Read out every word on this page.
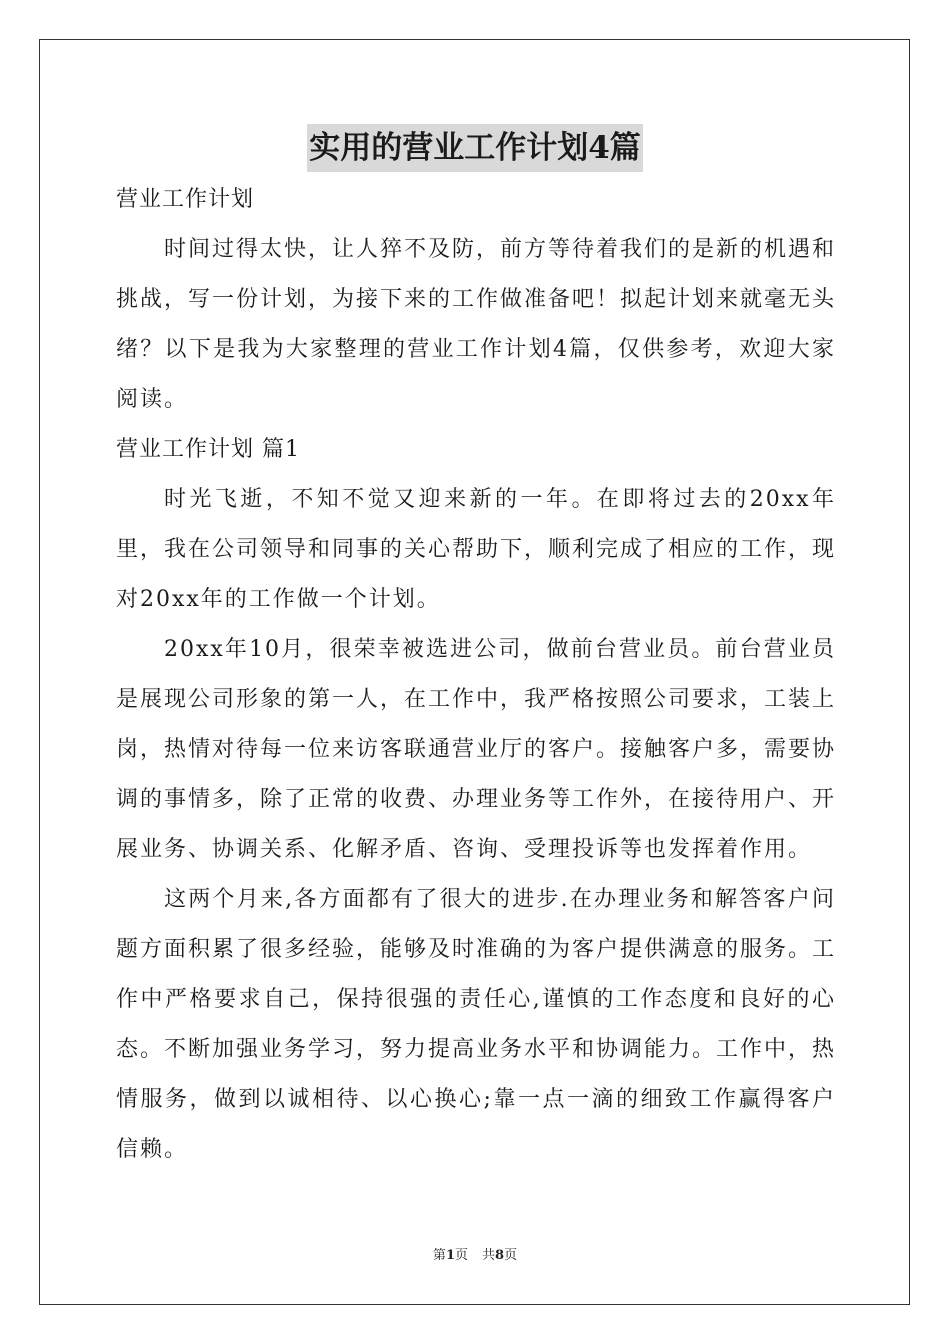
实用的营业工作计划4篇

营业工作计划

时间过得太快，让人猝不及防，前方等待着我们的是新的机遇和挑战，写一份计划，为接下来的工作做准备吧！拟起计划来就毫无头绪？以下是我为大家整理的营业工作计划4篇，仅供参考，欢迎大家阅读。

营业工作计划 篇1

时光飞逝，不知不觉又迎来新的一年。在即将过去的20xx年里，我在公司领导和同事的关心帮助下，顺利完成了相应的工作，现对20xx年的工作做一个计划。

20xx年10月，很荣幸被选进公司，做前台营业员。前台营业员是展现公司形象的第一人，在工作中，我严格按照公司要求，工装上岗，热情对待每一位来访客联通营业厅的客户。接触客户多，需要协调的事情多，除了正常的收费、办理业务等工作外，在接待用户、开展业务、协调关系、化解矛盾、咨询、受理投诉等也发挥着作用。

这两个月来,各方面都有了很大的进步.在办理业务和解答客户问题方面积累了很多经验，能够及时准确的为客户提供满意的服务。工作中严格要求自己，保持很强的责任心,谨慎的工作态度和良好的心态。不断加强业务学习，努力提高业务水平和协调能力。工作中，热情服务，做到以诚相待、以心换心;靠一点一滴的细致工作赢得客户信赖。

第1页 共8页
